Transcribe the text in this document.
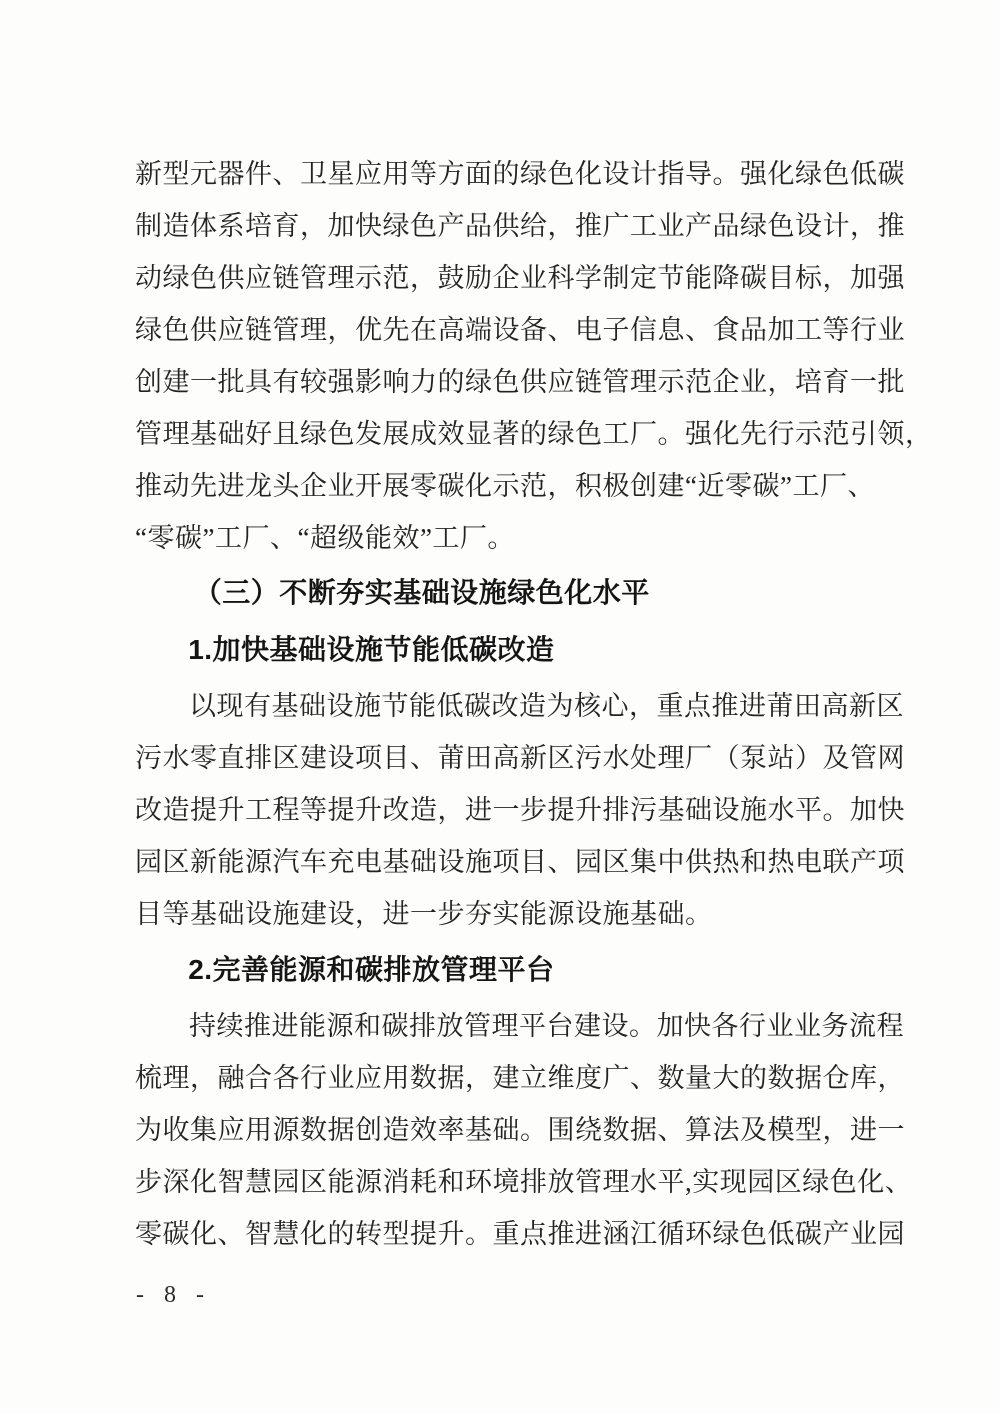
新型元器件、卫星应用等方面的绿色化设计指导。强化绿色低碳
制造体系培育，加快绿色产品供给，推广工业产品绿色设计，推
动绿色供应链管理示范，鼓励企业科学制定节能降碳目标，加强
绿色供应链管理，优先在高端设备、电子信息、食品加工等行业
创建一批具有较强影响力的绿色供应链管理示范企业，培育一批
管理基础好且绿色发展成效显著的绿色工厂。强化先行示范引领，
推动先进龙头企业开展零碳化示范，积极创建“近零碳”工厂、
“零碳”工厂、“超级能效”工厂。
（三）不断夯实基础设施绿色化水平
1.加快基础设施节能低碳改造
以现有基础设施节能低碳改造为核心，重点推进莆田高新区
污水零直排区建设项目、莆田高新区污水处理厂（泵站）及管网
改造提升工程等提升改造，进一步提升排污基础设施水平。加快
园区新能源汽车充电基础设施项目、园区集中供热和热电联产项
目等基础设施建设，进一步夯实能源设施基础。
2.完善能源和碳排放管理平台
持续推进能源和碳排放管理平台建设。加快各行业业务流程
梳理，融合各行业应用数据，建立维度广、数量大的数据仓库，
为收集应用源数据创造效率基础。围绕数据、算法及模型，进一
步深化智慧园区能源消耗和环境排放管理水平,实现园区绿色化、
零碳化、智慧化的转型提升。重点推进涵江循环绿色低碳产业园
- 8 -
